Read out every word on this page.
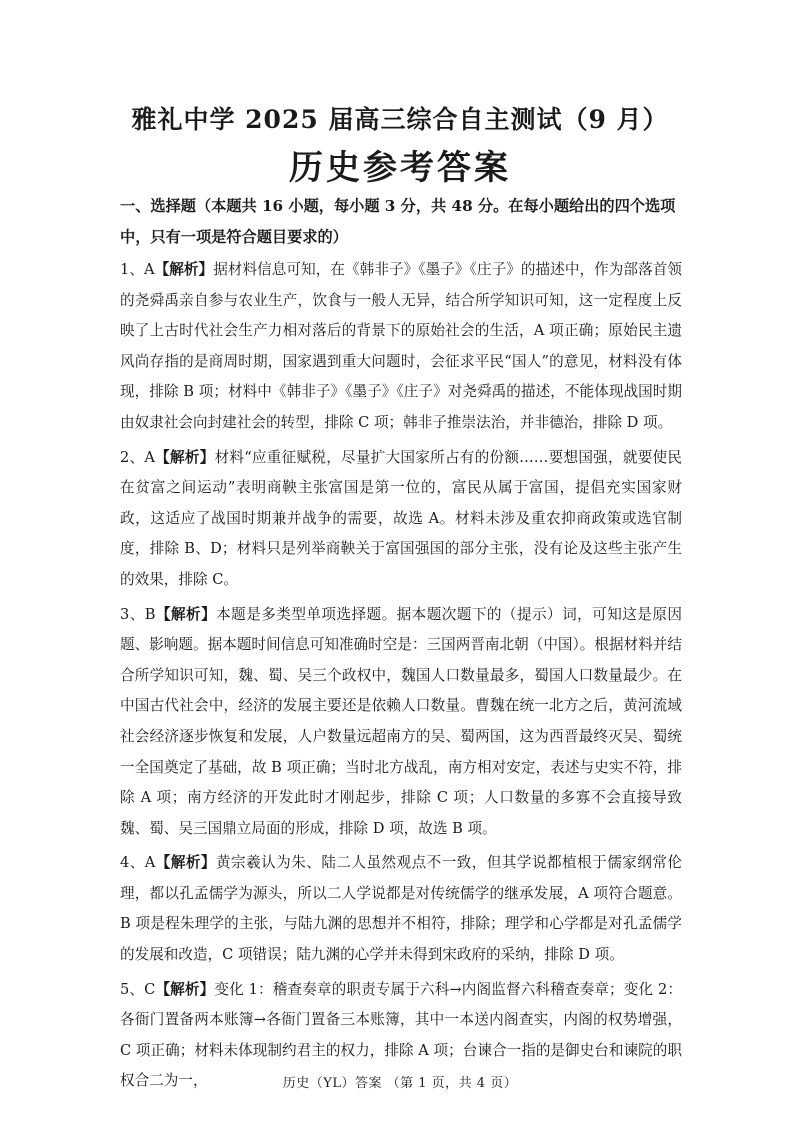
雅礼中学 2025 届高三综合自主测试（9 月）
历史参考答案
一、选择题（本题共 16 小题，每小题 3 分，共 48 分。在每小题给出的四个选项中，只有一项是符合题目要求的）
1、A【解析】据材料信息可知，在《韩非子》《墨子》《庄子》的描述中，作为部落首领的尧舜禹亲自参与农业生产，饮食与一般人无异，结合所学知识可知，这一定程度上反映了上古时代社会生产力相对落后的背景下的原始社会的生活，A 项正确；原始民主遗风尚存指的是商周时期，国家遇到重大问题时，会征求平民“国人”的意见，材料没有体现，排除 B 项；材料中《韩非子》《墨子》《庄子》对尧舜禹的描述，不能体现战国时期由奴隶社会向封建社会的转型，排除 C 项；韩非子推崇法治，并非德治，排除 D 项。
2、A【解析】材料“应重征赋税，尽量扩大国家所占有的份额……要想国强，就要使民在贫富之间运动”表明商鞅主张富国是第一位的，富民从属于富国，提倡充实国家财政，这适应了战国时期兼并战争的需要，故选 A。材料未涉及重农抑商政策或选官制度，排除 B、D；材料只是列举商鞅关于富国强国的部分主张，没有论及这些主张产生的效果，排除 C。
3、B【解析】本题是多类型单项选择题。据本题次题下的（提示）词，可知这是原因题、影响题。据本题时间信息可知准确时空是：三国两晋南北朝（中国）。根据材料并结合所学知识可知，魏、蜀、吴三个政权中，魏国人口数量最多，蜀国人口数量最少。在中国古代社会中，经济的发展主要还是依赖人口数量。曹魏在统一北方之后，黄河流域社会经济逐步恢复和发展，人户数量远超南方的吴、蜀两国，这为西晋最终灭吴、蜀统一全国奠定了基础，故 B 项正确；当时北方战乱，南方相对安定，表述与史实不符，排除 A 项；南方经济的开发此时才刚起步，排除 C 项；人口数量的多寡不会直接导致魏、蜀、吴三国鼎立局面的形成，排除 D 项，故选 B 项。
4、A【解析】黄宗羲认为朱、陆二人虽然观点不一致，但其学说都植根于儒家纲常伦理，都以孔孟儒学为源头，所以二人学说都是对传统儒学的继承发展，A 项符合题意。B 项是程朱理学的主张，与陆九渊的思想并不相符，排除；理学和心学都是对孔孟儒学的发展和改造，C 项错误；陆九渊的心学并未得到宋政府的采纳，排除 D 项。
5、C【解析】变化 1：稽查奏章的职责专属于六科→内阁监督六科稽查奏章；变化 2：各衙门置备两本账簿→各衙门置备三本账簿，其中一本送内阁查实，内阁的权势增强，C 项正确；材料未体现制约君主的权力，排除 A 项；台谏合一指的是御史台和谏院的职权合二为一，	历史（YL）答案 （第 1 页，共 4 页）
